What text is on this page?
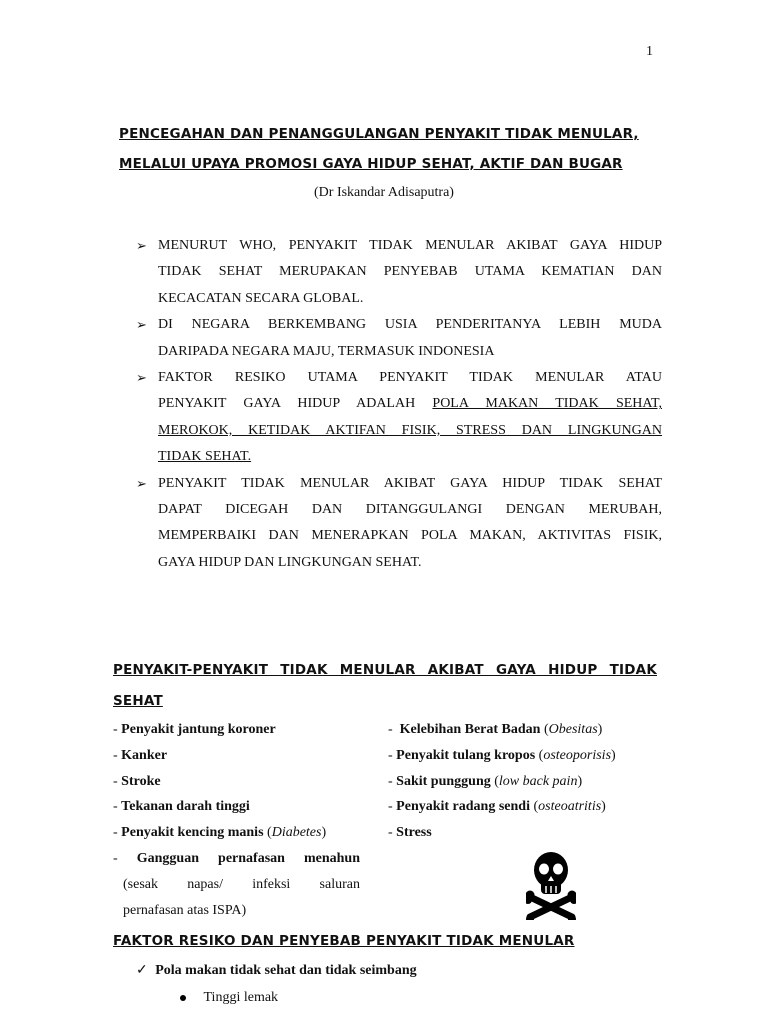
1
PENCEGAHAN DAN PENANGGULANGAN PENYAKIT TIDAK MENULAR,
MELALUI UPAYA PROMOSI GAYA HIDUP SEHAT, AKTIF DAN BUGAR
(Dr Iskandar Adisaputra)
➢ MENURUT WHO, PENYAKIT TIDAK MENULAR AKIBAT GAYA HIDUP
TIDAK SEHAT MERUPAKAN PENYEBAB UTAMA KEMATIAN DAN
KECACATAN SECARA GLOBAL.
➢ DI NEGARA BERKEMBANG USIA PENDERITANYA LEBIH MUDA
DARIPADA NEGARA MAJU, TERMASUK INDONESIA
➢ FAKTOR RESIKO UTAMA PENYAKIT TIDAK MENULAR ATAU
PENYAKIT GAYA HIDUP ADALAH POLA MAKAN TIDAK SEHAT,
MEROKOK, KETIDAK AKTIFAN FISIK, STRESS DAN LINGKUNGAN
TIDAK SEHAT.
➢ PENYAKIT TIDAK MENULAR AKIBAT GAYA HIDUP TIDAK SEHAT
DAPAT DICEGAH DAN DITANGGULANGI DENGAN MERUBAH,
MEMPERBAIKI DAN MENERAPKAN POLA MAKAN, AKTIVITAS FISIK,
GAYA HIDUP DAN LINGKUNGAN SEHAT.
PENYAKIT-PENYAKIT TIDAK MENULAR AKIBAT GAYA HIDUP TIDAK
SEHAT
- Penyakit jantung koroner
- Kanker
- Stroke
- Tekanan darah tinggi
- Penyakit kencing manis (Diabetes)
- Gangguan pernafasan menahun
(sesak napas/ infeksi saluran
pernafasan atas ISPA)
-  Kelebihan Berat Badan (Obesitas)
- Penyakit tulang kropos (osteoporisis)
- Sakit punggung (low back pain)
- Penyakit radang sendi (osteoatritis)
- Stress
FAKTOR RESIKO DAN PENYEBAB PENYAKIT TIDAK MENULAR
✓ Pola makan tidak sehat dan tidak seimbang
Tinggi lemak
